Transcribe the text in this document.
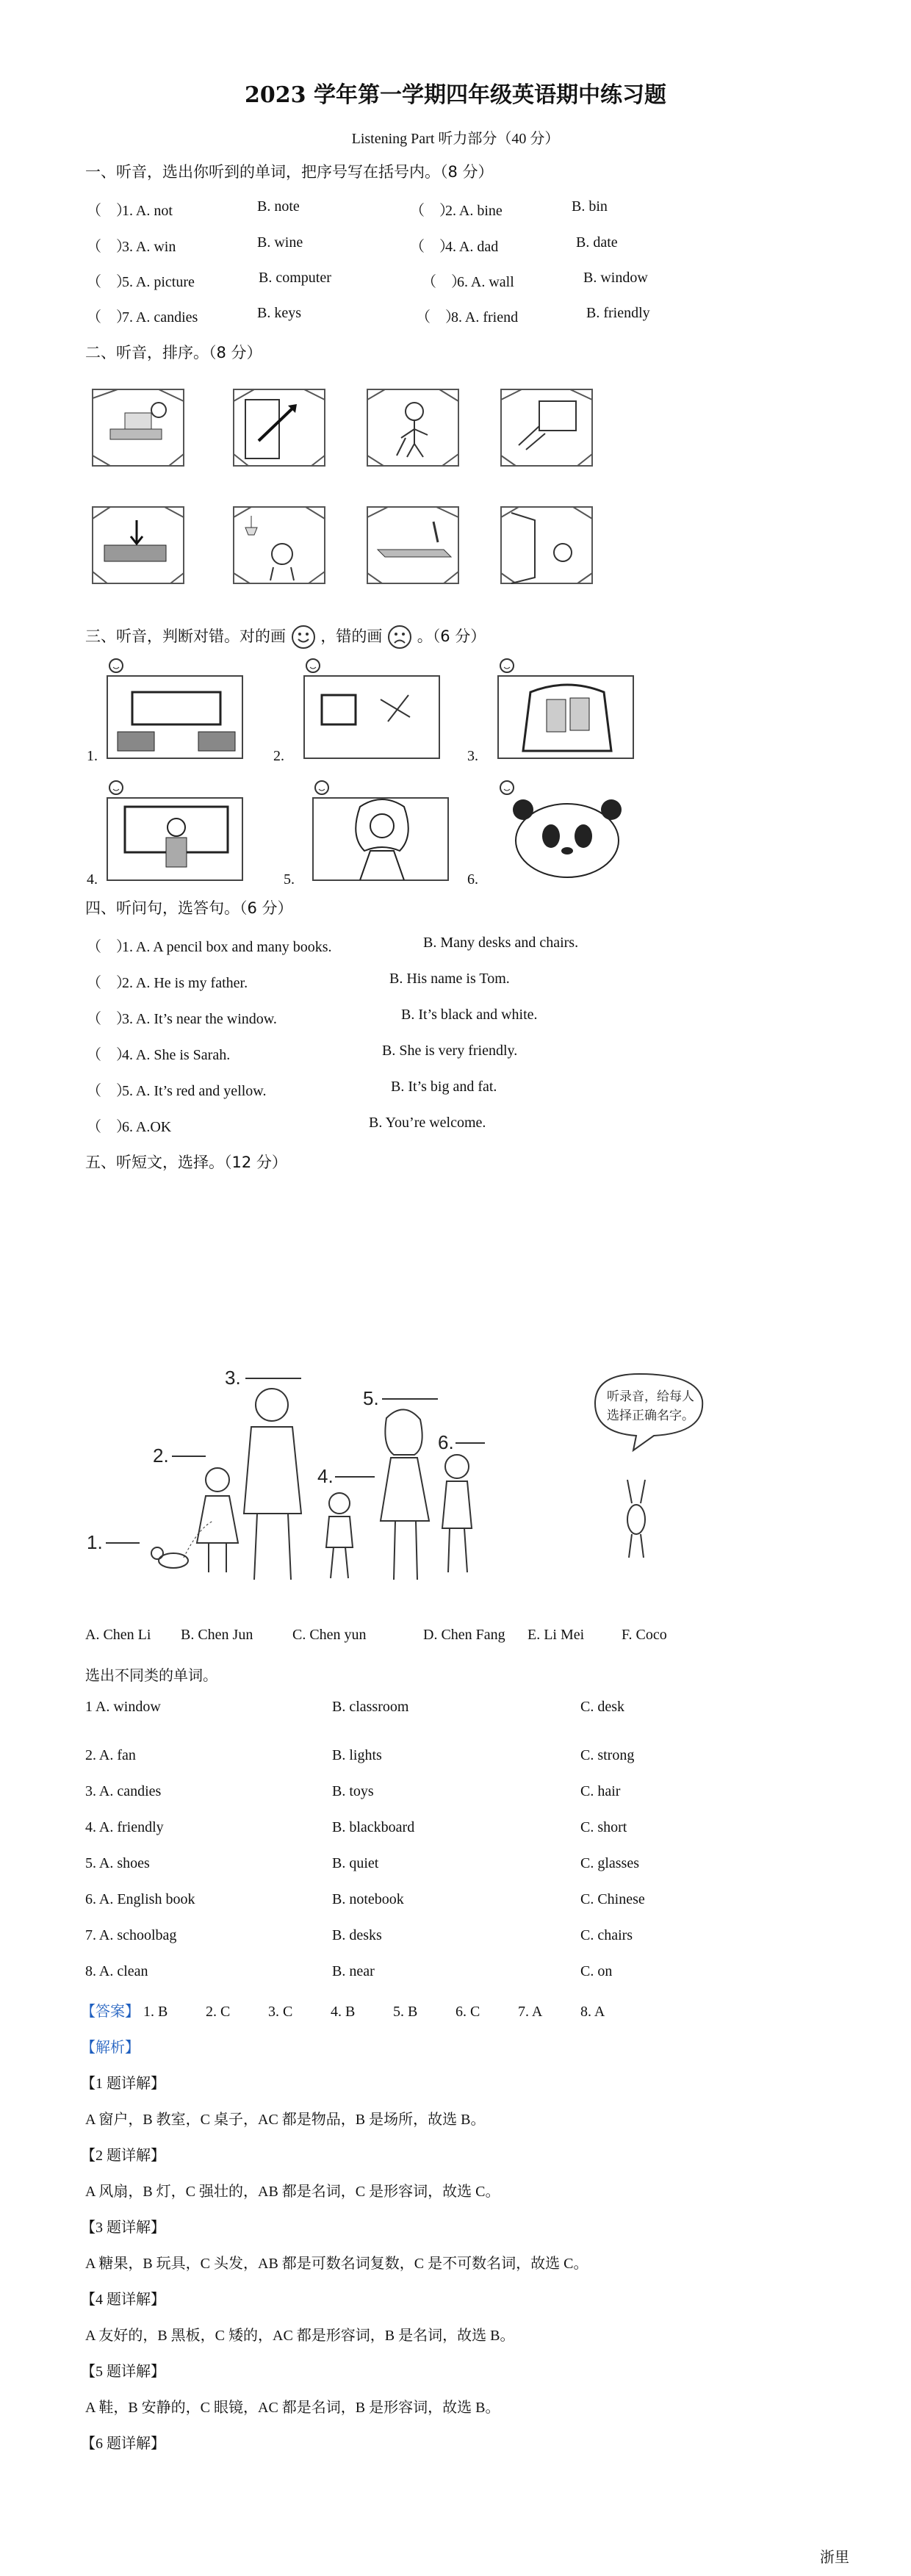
2023 学年第一学期四年级英语期中练习题
Listening Part 听力部分（40 分）
一、听音，选出你听到的单词，把序号写在括号内。（8 分）
（　）1. A. not	B. note	（　）2. A. bine	B. bin
（　）3. A. win	B. wine	（　）4. A. dad	B. date
（　）5. A. picture	B. computer	（　）6. A. wall	B. window
（　）7. A. candies	B. keys	（　）8. A. friend	B. friendly
二、听音，排序。（8 分）
三、听音，判断对错。对的画 ，错的画 。（6 分）
1.	2.	3.
4.	5.	6.
四、听问句，选答句。（6 分）
（　）1. A. A pencil box and many books.	B. Many desks and chairs.
（　）2. A. He is my father.	B. His name is Tom.
（　）3. A. It’s near the window.	B. It’s black and white.
（　）4. A. She is Sarah.	B. She is very friendly.
（　）5. A. It’s red and yellow.	B. It’s big and fat.
（　）6. A.OK	B. You’re welcome.
五、听短文，选择。（12 分）
3.
5.
2.
4.
6.
1.
听录音，给每人
选择正确名字。
A. Chen Li B. Chen Jun	C. Chen yun	D. Chen Fang E. Li Mei	F. Coco
选出不同类的单词。
1 A. window	B. classroom	C. desk
2. A. fan	B. lights	C. strong
3. A. candies	B. toys	C. hair
4. A. friendly	B. blackboard	C. short
5. A. shoes	B. quiet	C. glasses
6. A. English book	B. notebook	C. Chinese
7. A. schoolbag	B. desks	C. chairs
8. A. clean	B. near	C. on
【答案】 1. B	2. C	3. C	4. B	5. B	6. C	7. A	8. A
【解析】
【1 题详解】
A 窗户，B 教室，C 桌子，AC 都是物品，B 是场所，故选 B。
【2 题详解】
A 风扇，B 灯，C 强壮的，AB 都是名词，C 是形容词，故选 C。
【3 题详解】
A 糖果，B 玩具，C 头发，AB 都是可数名词复数，C 是不可数名词，故选 C。
【4 题详解】
A 友好的，B 黑板，C 矮的，AC 都是形容词，B 是名词，故选 B。
【5 题详解】
A 鞋，B 安静的，C 眼镜，AC 都是名词，B 是形容词，故选 B。
【6 题详解】
浙里
